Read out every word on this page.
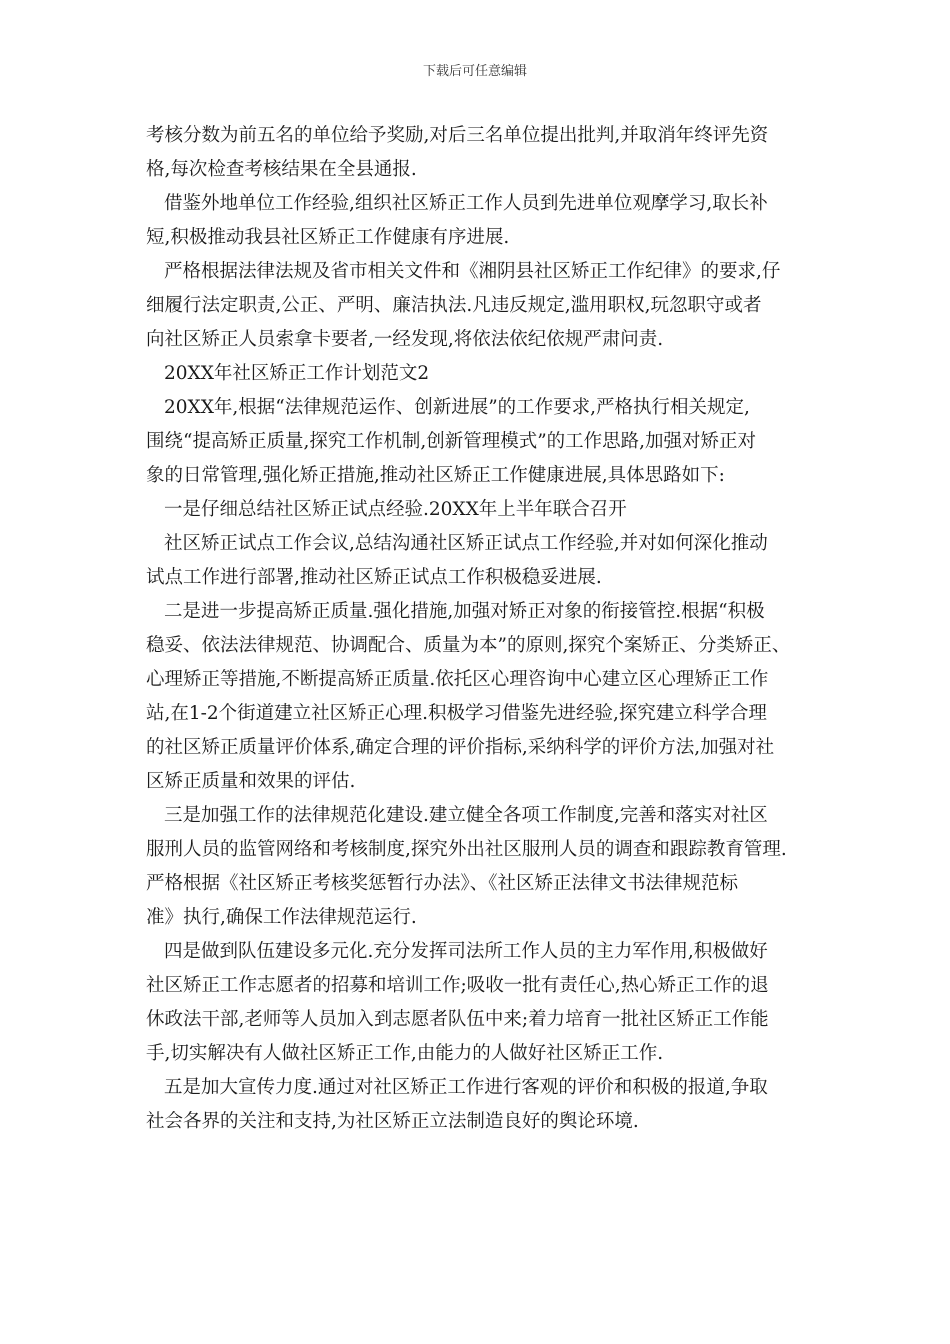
下载后可任意编辑
考核分数为前五名的单位给予奖励,对后三名单位提出批判,并取消年终评先资
格,每次检查考核结果在全县通报.
借鉴外地单位工作经验,组织社区矫正工作人员到先进单位观摩学习,取长补
短,积极推动我县社区矫正工作健康有序进展.
严格根据法律法规及省市相关文件和《湘阴县社区矫正工作纪律》的要求,仔
细履行法定职责,公正、严明、廉洁执法.凡违反规定,滥用职权,玩忽职守或者
向社区矫正人员索拿卡要者,一经发现,将依法依纪依规严肃问责.
20XX年社区矫正工作计划范文2
20XX年,根据“法律规范运作、创新进展”的工作要求,严格执行相关规定,
围绕“提高矫正质量,探究工作机制,创新管理模式”的工作思路,加强对矫正对
象的日常管理,强化矫正措施,推动社区矫正工作健康进展,具体思路如下:
一是仔细总结社区矫正试点经验.20XX年上半年联合召开
社区矫正试点工作会议,总结沟通社区矫正试点工作经验,并对如何深化推动
试点工作进行部署,推动社区矫正试点工作积极稳妥进展.
二是进一步提高矫正质量.强化措施,加强对矫正对象的衔接管控.根据“积极
稳妥、依法法律规范、协调配合、质量为本”的原则,探究个案矫正、分类矫正、
心理矫正等措施,不断提高矫正质量.依托区心理咨询中心建立区心理矫正工作
站,在1-2个街道建立社区矫正心理.积极学习借鉴先进经验,探究建立科学合理
的社区矫正质量评价体系,确定合理的评价指标,采纳科学的评价方法,加强对社
区矫正质量和效果的评估.
三是加强工作的法律规范化建设.建立健全各项工作制度,完善和落实对社区
服刑人员的监管网络和考核制度,探究外出社区服刑人员的调查和跟踪教育管理.
严格根据《社区矫正考核奖惩暂行办法》、《社区矫正法律文书法律规范标
准》执行,确保工作法律规范运行.
四是做到队伍建设多元化.充分发挥司法所工作人员的主力军作用,积极做好
社区矫正工作志愿者的招募和培训工作;吸收一批有责任心,热心矫正工作的退
休政法干部,老师等人员加入到志愿者队伍中来;着力培育一批社区矫正工作能
手,切实解决有人做社区矫正工作,由能力的人做好社区矫正工作.
五是加大宣传力度.通过对社区矫正工作进行客观的评价和积极的报道,争取
社会各界的关注和支持,为社区矫正立法制造良好的舆论环境.
